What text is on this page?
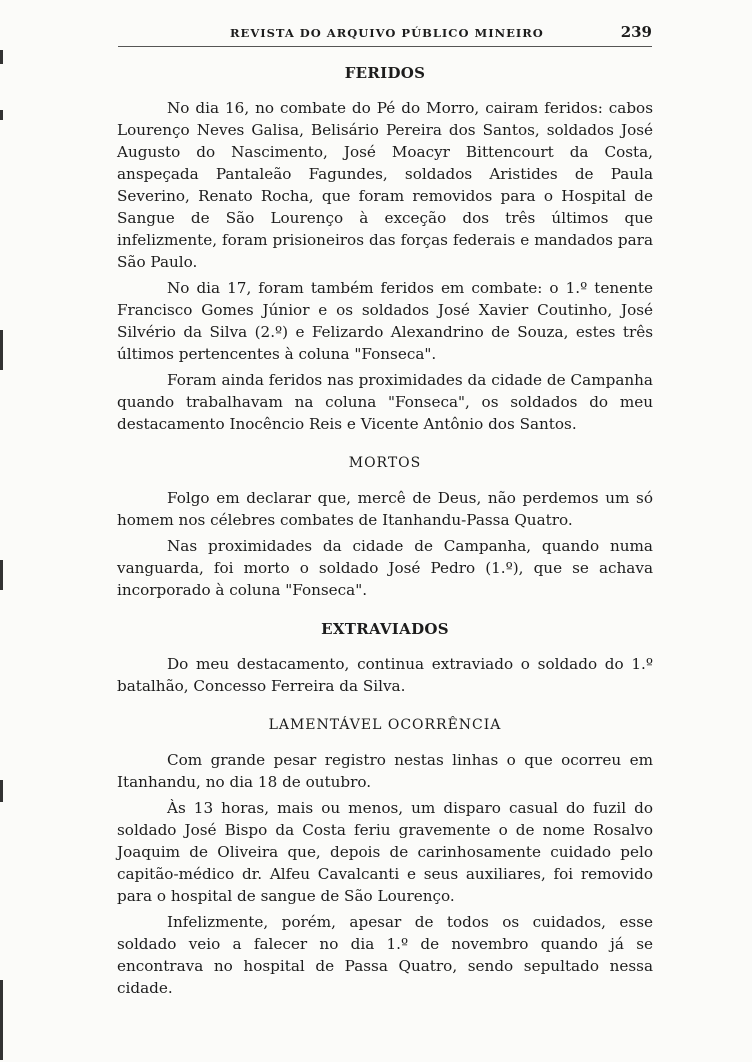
REVISTA DO ARQUIVO PÚBLICO MINEIRO	239
FERIDOS

No dia 16, no combate do Pé do Morro, cairam feridos: cabos Lourenço Neves Galisa, Belisário Pereira dos Santos, soldados José Augusto do Nascimento, José Moacyr Bittencourt da Costa, anspeçada Pantaleão Fagundes, soldados Aristides de Paula Severino, Renato Rocha, que foram removidos para o Hospital de Sangue de São Lourenço à exceção dos três últimos que infelizmente, foram prisioneiros das forças federais e mandados para São Paulo.

No dia 17, foram também feridos em combate: o 1.º tenente Francisco Gomes Júnior e os soldados José Xavier Coutinho, José Silvério da Silva (2.º) e Felizardo Alexandrino de Souza, estes três últimos pertencentes à coluna "Fonseca".

Foram ainda feridos nas proximidades da cidade de Campanha quando trabalhavam na coluna "Fonseca", os soldados do meu destacamento Inocêncio Reis e Vicente Antônio dos Santos.

MORTOS

Folgo em declarar que, mercê de Deus, não perdemos um só homem nos célebres combates de Itanhandu-Passa Quatro.

Nas proximidades da cidade de Campanha, quando numa vanguarda, foi morto o soldado José Pedro (1.º), que se achava incorporado à coluna "Fonseca".

EXTRAVIADOS

Do meu destacamento, continua extraviado o soldado do 1.º batalhão, Concesso Ferreira da Silva.

LAMENTÁVEL OCORRÊNCIA

Com grande pesar registro nestas linhas o que ocorreu em Itanhandu, no dia 18 de outubro.

Às 13 horas, mais ou menos, um disparo casual do fuzil do soldado José Bispo da Costa feriu gravemente o de nome Rosalvo Joaquim de Oliveira que, depois de carinhosamente cuidado pelo capitão-médico dr. Alfeu Cavalcanti e seus auxiliares, foi removido para o hospital de sangue de São Lourenço.

Infelizmente, porém, apesar de todos os cuidados, esse soldado veio a falecer no dia 1.º de novembro quando já se encontrava no hospital de Passa Quatro, sendo sepultado nessa cidade.
